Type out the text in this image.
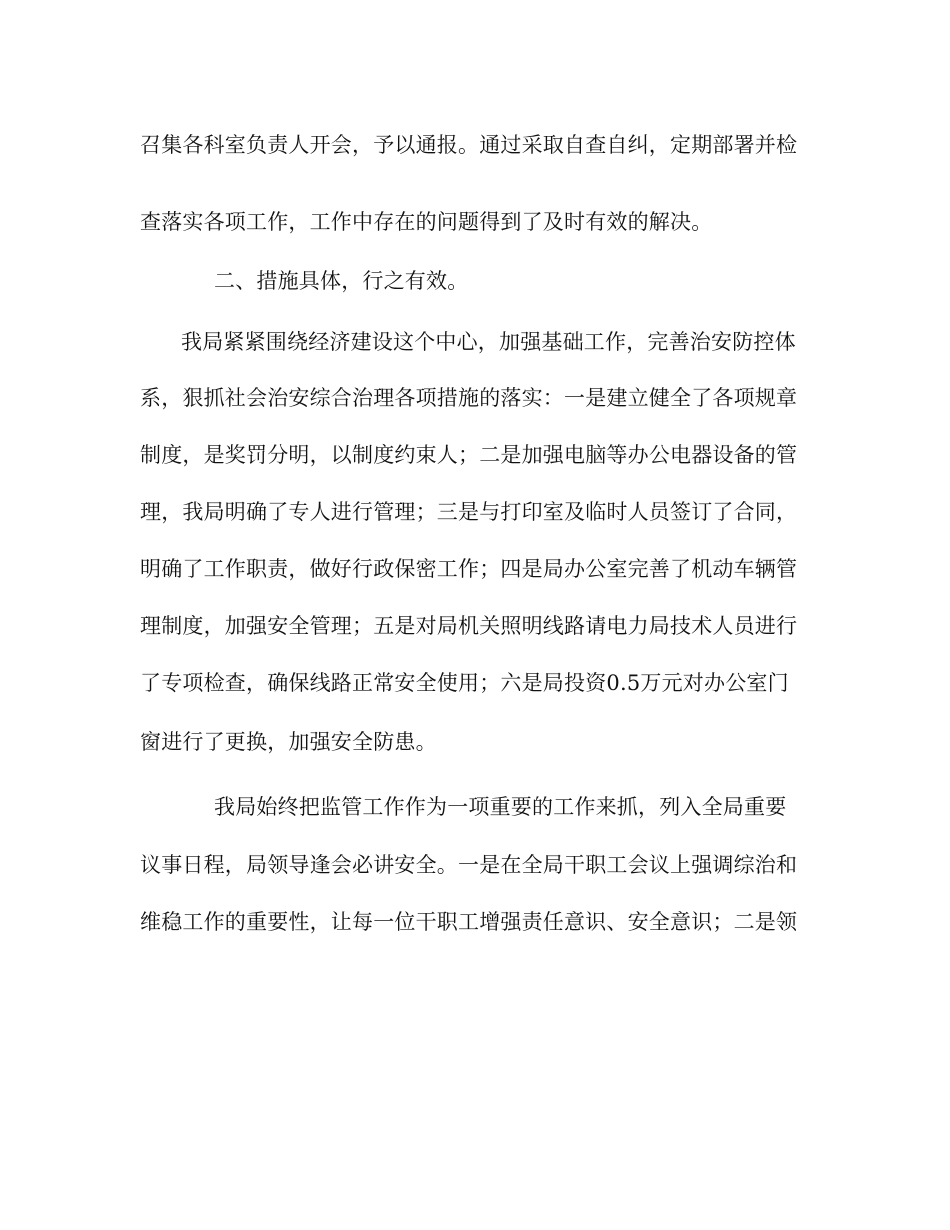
召集各科室负责人开会，予以通报。通过采取自查自纠，定期部署并检
查落实各项工作，工作中存在的问题得到了及时有效的解决。
二、措施具体，行之有效。
我局紧紧围绕经济建设这个中心，加强基础工作，完善治安防控体
系，狠抓社会治安综合治理各项措施的落实：一是建立健全了各项规章
制度，是奖罚分明，以制度约束人；二是加强电脑等办公电器设备的管
理，我局明确了专人进行管理；三是与打印室及临时人员签订了合同，
明确了工作职责，做好行政保密工作；四是局办公室完善了机动车辆管
理制度，加强安全管理；五是对局机关照明线路请电力局技术人员进行
了专项检查，确保线路正常安全使用；六是局投资0.5万元对办公室门
窗进行了更换，加强安全防患。
我局始终把监管工作作为一项重要的工作来抓，列入全局重要
议事日程，局领导逢会必讲安全。一是在全局干职工会议上强调综治和
维稳工作的重要性，让每一位干职工增强责任意识、安全意识；二是领
